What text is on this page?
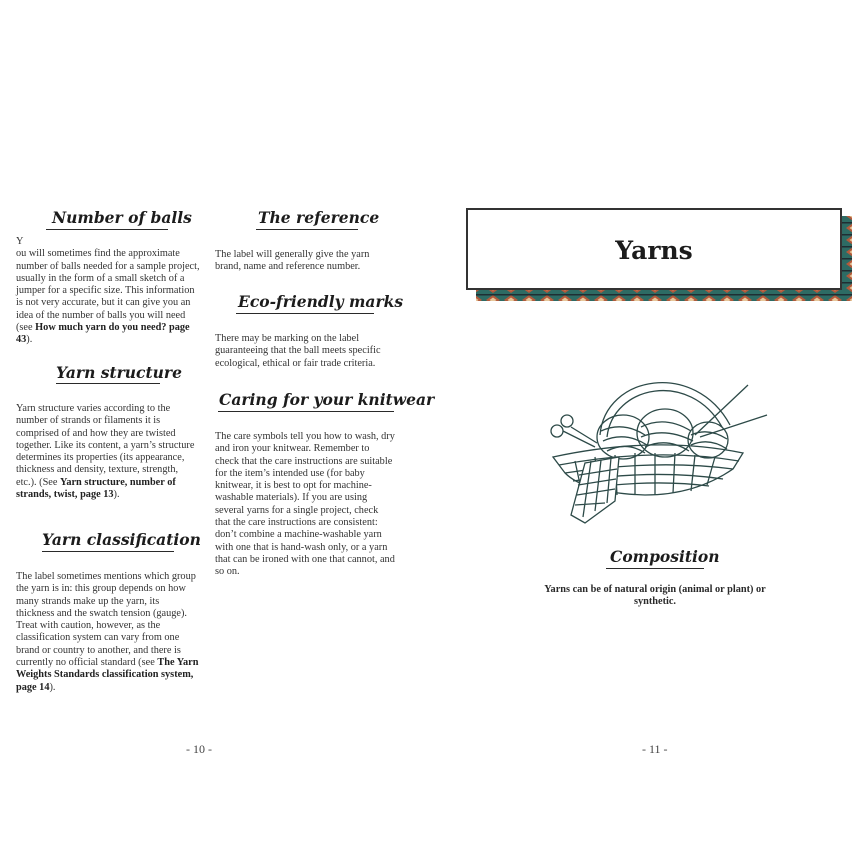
Number of balls
Y
ou will sometimes find the approximate number of balls needed for a sample project, usually in the form of a small sketch of a jumper for a specific size. This information is not very accurate, but it can give you an idea of the number of balls you will need (see How much yarn do you need? page 43).
Yarn structure
Yarn structure varies according to the number of strands or filaments it is comprised of and how they are twisted together. Like its content, a yarn’s structure determines its properties (its appearance, thickness and density, texture, strength, etc.). (See Yarn structure, number of strands, twist, page 13).
Yarn classification
The label sometimes mentions which group the yarn is in: this group depends on how many strands make up the yarn, its thickness and the swatch tension (gauge). Treat with caution, however, as the classification system can vary from one brand or country to another, and there is currently no official standard (see The Yarn Weights Standards classification system, page 14).
The reference
The label will generally give the yarn brand, name and reference number.
Eco-friendly marks
There may be marking on the label guaranteeing that the ball meets specific ecological, ethical or fair trade criteria.
Caring for your knitwear
The care symbols tell you how to wash, dry and iron your knitwear. Remember to check that the care instructions are suitable for the item’s intended use (for baby knitwear, it is best to opt for machine-washable materials). If you are using several yarns for a single project, check that the care instructions are consistent: don’t combine a machine-washable yarn with one that is hand-wash only, or a yarn that can be ironed with one that cannot, and so on.
- 10 -
Yarns
Composition
Yarns can be of natural origin (animal or plant) or synthetic.
- 11 -
